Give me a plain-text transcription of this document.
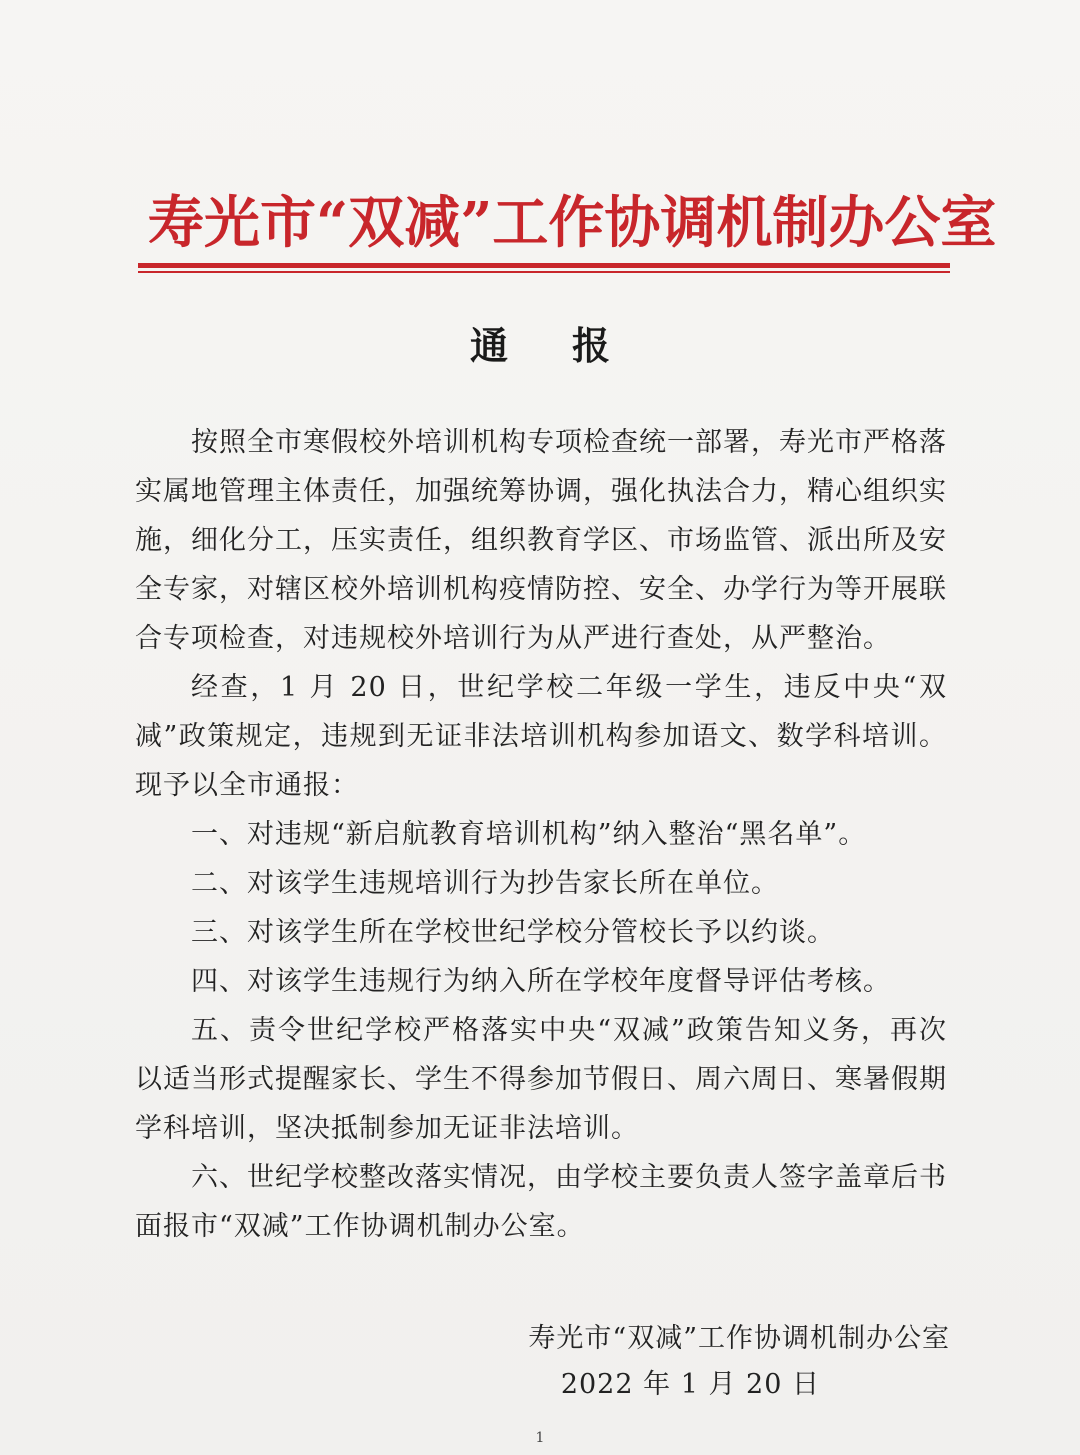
寿光市“双减”工作协调机制办公室
通报

按照全市寒假校外培训机构专项检查统一部署，寿光市严格落实属地管理主体责任，加强统筹协调，强化执法合力，精心组织实施，细化分工，压实责任，组织教育学区、市场监管、派出所及安全专家，对辖区校外培训机构疫情防控、安全、办学行为等开展联合专项检查，对违规校外培训行为从严进行查处，从严整治。

经查，1 月 20 日，世纪学校二年级一学生，违反中央“双减”政策规定，违规到无证非法培训机构参加语文、数学科培训。现予以全市通报：

一、对违规“新启航教育培训机构”纳入整治“黑名单”。

二、对该学生违规培训行为抄告家长所在单位。

三、对该学生所在学校世纪学校分管校长予以约谈。

四、对该学生违规行为纳入所在学校年度督导评估考核。

五、责令世纪学校严格落实中央“双减”政策告知义务，再次以适当形式提醒家长、学生不得参加节假日、周六周日、寒暑假期学科培训，坚决抵制参加无证非法培训。

六、世纪学校整改落实情况，由学校主要负责人签字盖章后书面报市“双减”工作协调机制办公室。

寿光市“双减”工作协调机制办公室
2022 年 1 月 20 日
1
